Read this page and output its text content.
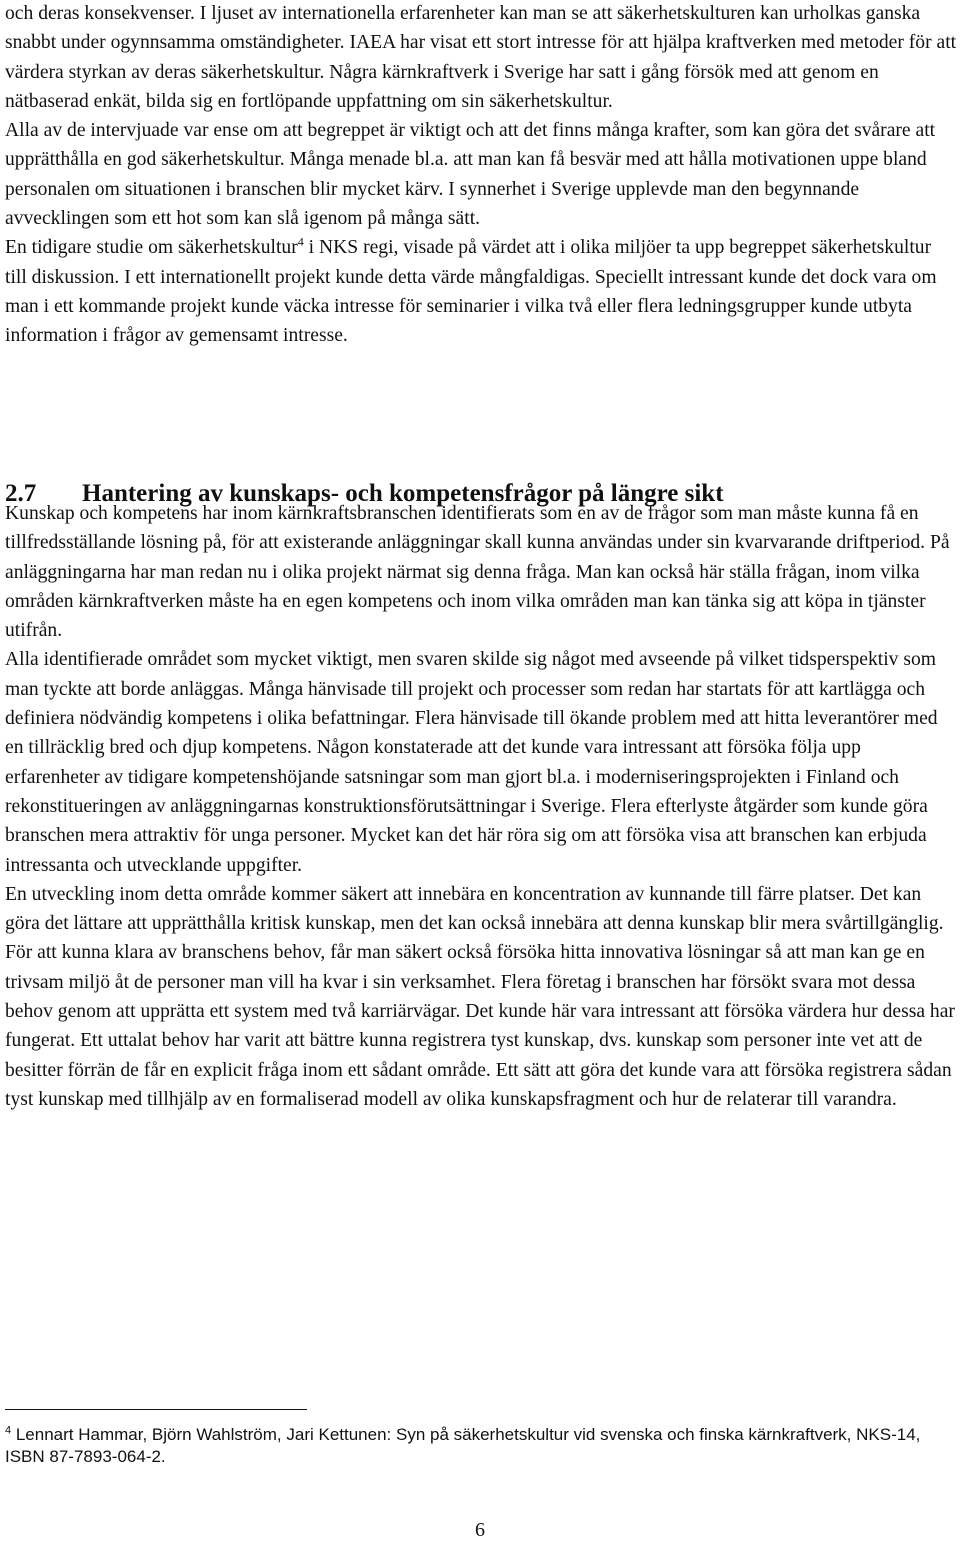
och deras konsekvenser. I ljuset av internationella erfarenheter kan man se att säkerhetskulturen kan urholkas ganska snabbt under ogynnsamma omständigheter. IAEA har visat ett stort intresse för att hjälpa kraftverken med metoder för att värdera styrkan av deras säkerhetskultur. Några kärnkraftverk i Sverige har satt i gång försök med att genom en nätbaserad enkät, bilda sig en fortlöpande uppfattning om sin säkerhetskultur.

Alla av de intervjuade var ense om att begreppet är viktigt och att det finns många krafter, som kan göra det svårare att upprätthålla en god säkerhetskultur. Många menade bl.a. att man kan få besvär med att hålla motivationen uppe bland personalen om situationen i branschen blir mycket kärv. I synnerhet i Sverige upplevde man den begynnande avvecklingen som ett hot som kan slå igenom på många sätt.

En tidigare studie om säkerhetskultur$^4$ i NKS regi, visade på värdet att i olika miljöer ta upp begreppet säkerhetskultur till diskussion. I ett internationellt projekt kunde detta värde mångfaldigas. Speciellt intressant kunde det dock vara om man i ett kommande projekt kunde väcka intresse för seminarier i vilka två eller flera ledningsgrupper kunde utbyta information i frågor av gemensamt intresse.

2.7 Hantering av kunskaps- och kompetensfrågor på längre sikt

Kunskap och kompetens har inom kärnkraftsbranschen identifierats som en av de frågor som man måste kunna få en tillfredsställande lösning på, för att existerande anläggningar skall kunna användas under sin kvarvarande driftperiod. På anläggningarna har man redan nu i olika projekt närmat sig denna fråga. Man kan också här ställa frågan, inom vilka områden kärnkraftverken måste ha en egen kompetens och inom vilka områden man kan tänka sig att köpa in tjänster utifrån.

Alla identifierade området som mycket viktigt, men svaren skilde sig något med avseende på vilket tidsperspektiv som man tyckte att borde anläggas. Många hänvisade till projekt och processer som redan har startats för att kartlägga och definiera nödvändig kompetens i olika befattningar. Flera hänvisade till ökande problem med att hitta leverantörer med en tillräcklig bred och djup kompetens. Någon konstaterade att det kunde vara intressant att försöka följa upp erfarenheter av tidigare kompetenshöjande satsningar som man gjort bl.a. i moderniseringsprojekten i Finland och rekonstitueringen av anläggningarnas konstruktionsförutsättningar i Sverige. Flera efterlyste åtgärder som kunde göra branschen mera attraktiv för unga personer. Mycket kan det här röra sig om att försöka visa att branschen kan erbjuda intressanta och utvecklande uppgifter.

En utveckling inom detta område kommer säkert att innebära en koncentration av kunnande till färre platser. Det kan göra det lättare att upprätthålla kritisk kunskap, men det kan också innebära att denna kunskap blir mera svårtillgänglig. För att kunna klara av branschens behov, får man säkert också försöka hitta innovativa lösningar så att man kan ge en trivsam miljö åt de personer man vill ha kvar i sin verksamhet. Flera företag i branschen har försökt svara mot dessa behov genom att upprätta ett system med två karriärvägar. Det kunde här vara intressant att försöka värdera hur dessa har fungerat. Ett uttalat behov har varit att bättre kunna registrera tyst kunskap, dvs. kunskap som personer inte vet att de besitter förrän de får en explicit fråga inom ett sådant område. Ett sätt att göra det kunde vara att försöka registrera sådan tyst kunskap med tillhjälp av en formaliserad modell av olika kunskapsfragment och hur de relaterar till varandra.

$^4$ Lennart Hammar, Björn Wahlström, Jari Kettunen: Syn på säkerhetskultur vid svenska och finska kärnkraftverk, NKS-14, ISBN 87-7893-064-2.

6
